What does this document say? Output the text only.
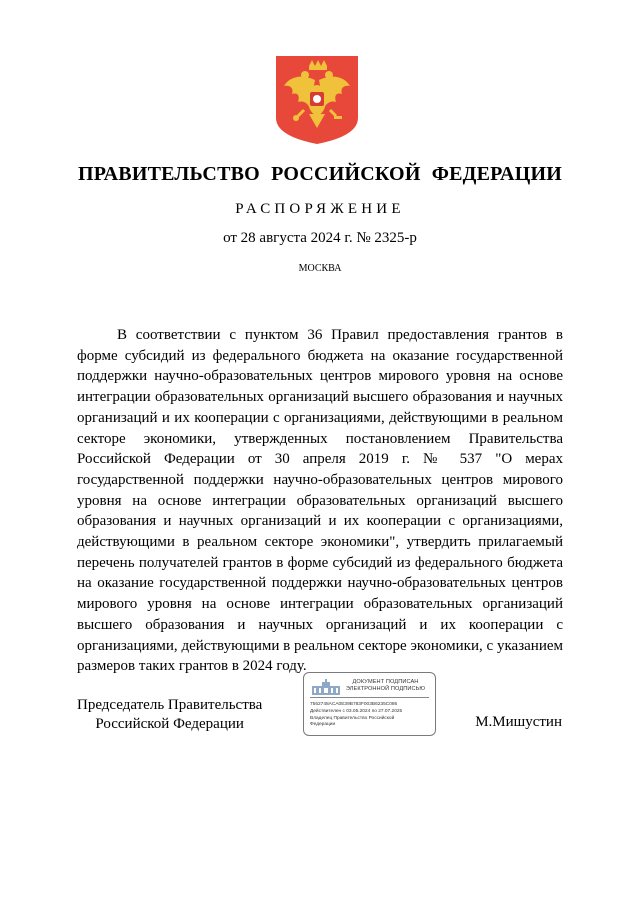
ПРАВИТЕЛЬСТВО РОССИЙСКОЙ ФЕДЕРАЦИИ
РАСПОРЯЖЕНИЕ
от 28 августа 2024 г. № 2325-р
МОСКВА
В соответствии с пунктом 36 Правил предоставления грантов в форме субсидий из федерального бюджета на оказание государственной поддержки научно-образовательных центров мирового уровня на основе интеграции образовательных организаций высшего образования и научных организаций и их кооперации с организациями, действующими в реальном секторе экономики, утвержденных постановлением Правительства Российской Федерации от 30 апреля 2019 г. № 537 "О мерах государственной поддержки научно-образовательных центров мирового уровня на основе интеграции образовательных организаций высшего образования и научных организаций и их кооперации с организациями, действующими в реальном секторе экономики", утвердить прилагаемый перечень получателей грантов в форме субсидий из федерального бюджета на оказание государственной поддержки научно-образовательных центров мирового уровня на основе интеграции образовательных организаций высшего образования и научных организаций и их кооперации с организациями, действующими в реальном секторе экономики, с указанием размеров таких грантов в 2024 году.
Председатель Правительства
Российской Федерации
ДОКУМЕНТ ПОДПИСАН
ЭЛЕКТРОННОЙ ПОДПИСЬЮ
7562748ACA0E39B783F003B6235C086
Действителен с 03.05.2024 по 27.07.2025
Владелец Правительство Российской
Федерации	М.Мишустин
